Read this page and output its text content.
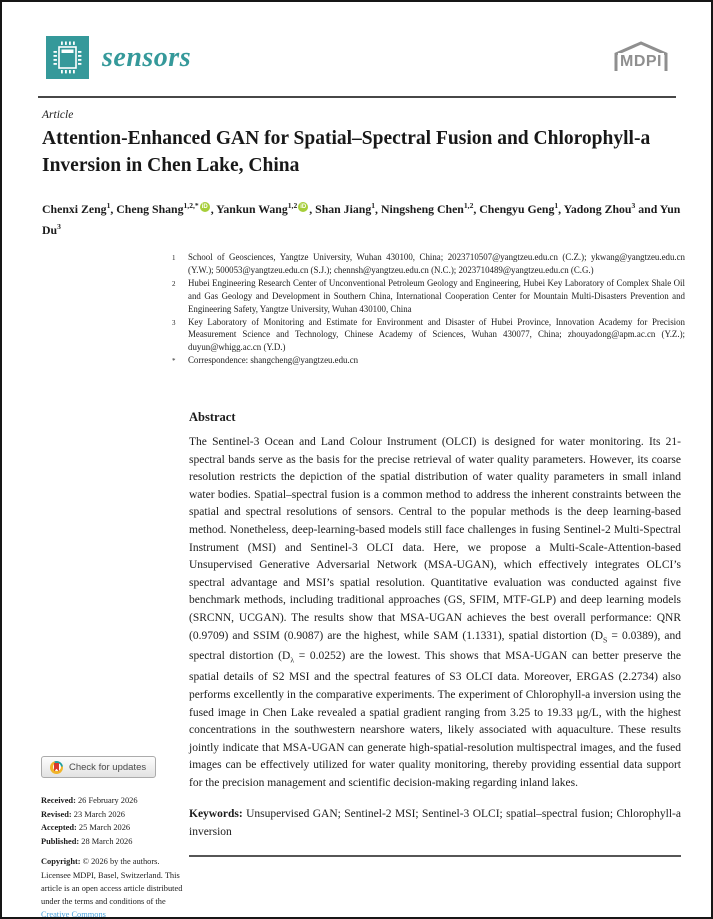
sensors	MDPI
Article
Attention-Enhanced GAN for Spatial–Spectral Fusion and Chlorophyll-a Inversion in Chen Lake, China
Chenxi Zeng$^1$, Cheng Shang$^{1,2,*}$ iD , Yankun Wang$^{1,2}$ iD , Shan Jiang$^1$, Ningsheng Chen$^{1,2}$, Chengyu Geng$^1$, Yadong Zhou$^3$ and Yun Du$^3$
1	School of Geosciences, Yangtze University, Wuhan 430100, China; 2023710507@yangtzeu.edu.cn (C.Z.); ykwang@yangtzeu.edu.cn (Y.W.); 500053@yangtzeu.edu.cn (S.J.); chennsh@yangtzeu.edu.cn (N.C.); 2023710489@yangtzeu.edu.cn (C.G.)
2	Hubei Engineering Research Center of Unconventional Petroleum Geology and Engineering, Hubei Key Laboratory of Complex Shale Oil and Gas Geology and Development in Southern China, International Cooperation Center for Mountain Multi-Disasters Prevention and Engineering Safety, Yangtze University, Wuhan 430100, China
3	Key Laboratory of Monitoring and Estimate for Environment and Disaster of Hubei Province, Innovation Academy for Precision Measurement Science and Technology, Chinese Academy of Sciences, Wuhan 430077, China; zhouyadong@apm.ac.cn (Y.Z.); duyun@whigg.ac.cn (Y.D.)
*	Correspondence: shangcheng@yangtzeu.edu.cn
Abstract

The Sentinel-3 Ocean and Land Colour Instrument (OLCI) is designed for water monitoring. Its 21-spectral bands serve as the basis for the precise retrieval of water quality parameters. However, its coarse resolution restricts the depiction of the spatial distribution of water quality parameters in small inland water bodies. Spatial–spectral fusion is a common method to address the inherent constraints between the spatial and spectral resolutions of sensors. Central to the popular methods is the deep learning-based method. Nonetheless, deep-learning-based models still face challenges in fusing Sentinel-2 Multi-Spectral Instrument (MSI) and Sentinel-3 OLCI data. Here, we propose a Multi-Scale-Attention-based Unsupervised Generative Adversarial Network (MSA-UGAN), which effectively integrates OLCI’s spectral advantage and MSI’s spatial resolution. Quantitative evaluation was conducted against five benchmark methods, including traditional approaches (GS, SFIM, MTF-GLP) and deep learning models (SRCNN, UCGAN). The results show that MSA-UGAN achieves the best overall performance: QNR (0.9709) and SSIM (0.9087) are the highest, while SAM (1.1331), spatial distortion $(D_S = 0.0389)$, and spectral distortion $(D_\lambda = 0.0252)$ are the lowest. This shows that MSA-UGAN can better preserve the spatial details of S2 MSI and the spectral features of S3 OLCI data. Moreover, ERGAS (2.2734) also performs excellently in the comparative experiments. The experiment of Chlorophyll-a inversion using the fused image in Chen Lake revealed a spatial gradient ranging from 3.25 to 19.33 μg/L, with the highest concentrations in the southwestern nearshore waters, likely associated with aquaculture. These results jointly indicate that MSA-UGAN can generate high-spatial-resolution multispectral images, and the fused images can be effectively utilized for water quality monitoring, thereby providing essential data support for the precision management and scientific decision-making regarding inland lakes.

Keywords: Unsupervised GAN; Sentinel-2 MSI; Sentinel-3 OLCI; spatial–spectral fusion; Chlorophyll-a inversion

Check for updates
Received: 26 February 2026
Revised: 23 March 2026
Accepted: 25 March 2026
Published: 28 March 2026

Copyright: © 2026 by the authors. Licensee MDPI, Basel, Switzerland. This article is an open access article distributed under the terms and conditions of the Creative Commons
